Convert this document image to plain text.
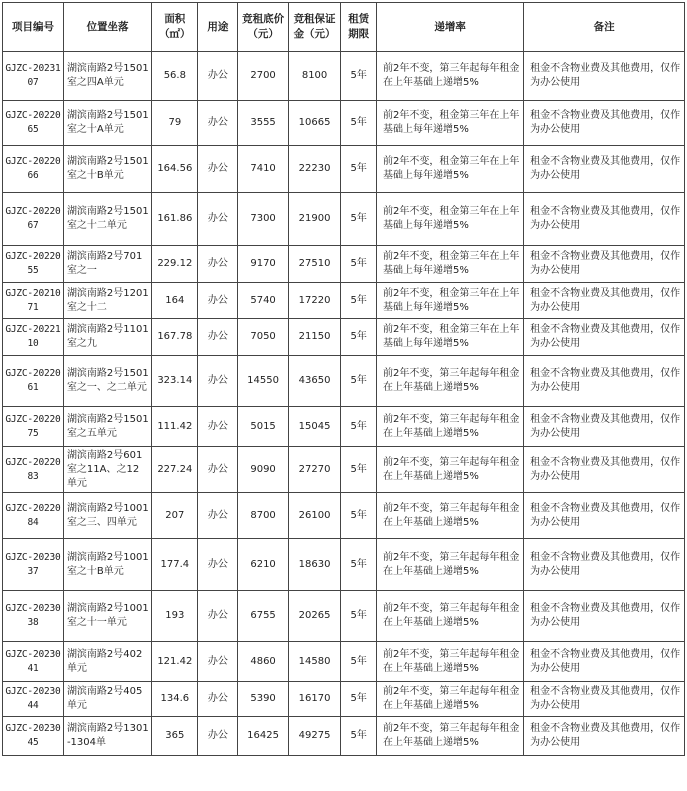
项目编号	位置坐落	面积（㎡）	用途	竞租底价（元）	竞租保证金（元）	租赁期限	递增率	备注
GJZC-2023107	湖滨南路2号1501室之四A单元	56.8	办公	2700	8100	5年	前2年不变，第三年起每年租金在上年基础上递增5%	租金不含物业费及其他费用，仅作为办公使用
GJZC-2022065	湖滨南路2号1501室之十A单元	79	办公	3555	10665	5年	前2年不变，租金第三年在上年基础上每年递增5%	租金不含物业费及其他费用，仅作为办公使用
GJZC-2022066	湖滨南路2号1501室之十B单元	164.56	办公	7410	22230	5年	前2年不变，租金第三年在上年基础上每年递增5%	租金不含物业费及其他费用，仅作为办公使用
GJZC-2022067	湖滨南路2号1501室之十二单元	161.86	办公	7300	21900	5年	前2年不变，租金第三年在上年基础上每年递增5%	租金不含物业费及其他费用，仅作为办公使用
GJZC-2022055	湖滨南路2号701室之一	229.12	办公	9170	27510	5年	前2年不变，租金第三年在上年基础上每年递增5%	租金不含物业费及其他费用，仅作为办公使用
GJZC-2021071	湖滨南路2号1201室之十二	164	办公	5740	17220	5年	前2年不变，租金第三年在上年基础上每年递增5%	租金不含物业费及其他费用，仅作为办公使用
GJZC-2022110	湖滨南路2号1101室之九	167.78	办公	7050	21150	5年	前2年不变，租金第三年在上年基础上每年递增5%	租金不含物业费及其他费用，仅作为办公使用
GJZC-2022061	湖滨南路2号1501室之一、之二单元	323.14	办公	14550	43650	5年	前2年不变，第三年起每年租金在上年基础上递增5%	租金不含物业费及其他费用，仅作为办公使用
GJZC-2022075	湖滨南路2号1501室之五单元	111.42	办公	5015	15045	5年	前2年不变，第三年起每年租金在上年基础上递增5%	租金不含物业费及其他费用，仅作为办公使用
GJZC-2022083	湖滨南路2号601室之11A、之12单元	227.24	办公	9090	27270	5年	前2年不变，第三年起每年租金在上年基础上递增5%	租金不含物业费及其他费用，仅作为办公使用
GJZC-2022084	湖滨南路2号1001室之三、四单元	207	办公	8700	26100	5年	前2年不变，第三年起每年租金在上年基础上递增5%	租金不含物业费及其他费用，仅作为办公使用
GJZC-2023037	湖滨南路2号1001室之十B单元	177.4	办公	6210	18630	5年	前2年不变，第三年起每年租金在上年基础上递增5%	租金不含物业费及其他费用，仅作为办公使用
GJZC-2023038	湖滨南路2号1001室之十一单元	193	办公	6755	20265	5年	前2年不变，第三年起每年租金在上年基础上递增5%	租金不含物业费及其他费用，仅作为办公使用
GJZC-2023041	湖滨南路2号402单元	121.42	办公	4860	14580	5年	前2年不变，第三年起每年租金在上年基础上递增5%	租金不含物业费及其他费用，仅作为办公使用
GJZC-2023044	湖滨南路2号405单元	134.6	办公	5390	16170	5年	前2年不变，第三年起每年租金在上年基础上递增5%	租金不含物业费及其他费用，仅作为办公使用
GJZC-2023045	湖滨南路2号1301-1304单	365	办公	16425	49275	5年	前2年不变，第三年起每年租金在上年基础上递增5%	租金不含物业费及其他费用，仅作为办公使用
